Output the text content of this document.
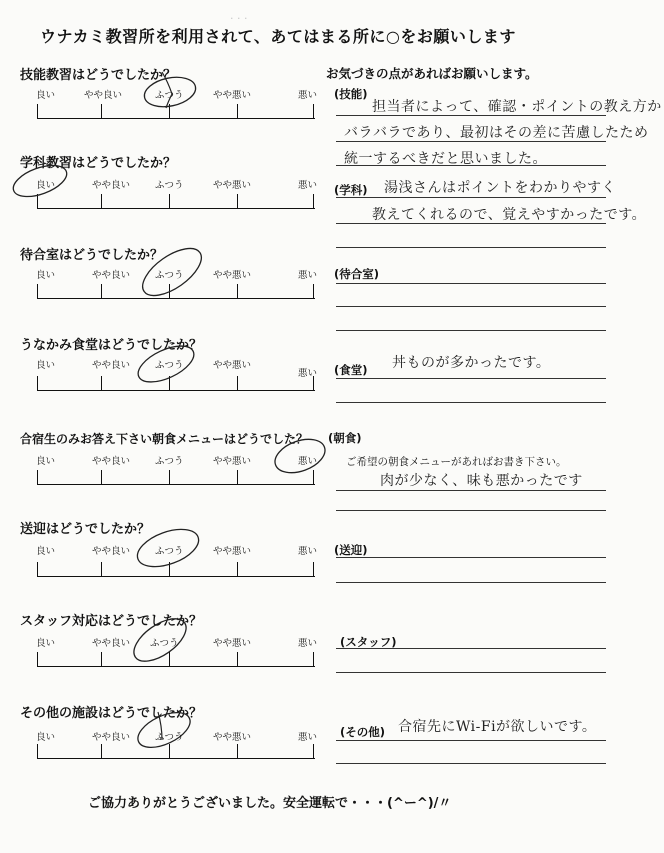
ウナカミ教習所を利用されて、あてはまる所に○をお願いします
· · ·
技能教習はどうでしたか？
良い	やや良い	ふつう	やや悪い	悪い
学科教習はどうでしたか？
良い	やや良い	ふつう	やや悪い	悪い
待合室はどうでしたか？
良い	やや良い	ふつう	やや悪い	悪い
うなかみ食堂はどうでしたか？
良い	やや良い	ふつう	やや悪い
悪い
合宿生のみお答え下さい朝食メニューはどうでした？
良い	やや良い	ふつう	やや悪い	悪い
送迎はどうでしたか？
良い	やや良い	ふつう	やや悪い	悪い
スタッフ対応はどうでしたか？
良い	やや良い ふつう	やや悪い	悪い
その他の施設はどうでしたか？
良い	やや良い	ふつう	やや悪い	悪い
お気づきの点があればお願いします。
(技能)
担当者によって、確認・ポイントの教え方か
バラバラであり、最初はその差に苦慮したため
統一するべきだと思いました。
(学科) 湯浅さんはポイントをわかりやすく
教えてくれるので、覚えやすかったです。
(待合室)
(食堂) 丼ものが多かったです。
(朝食)
ご希望の朝食メニューがあればお書き下さい。
肉が少なく、味も悪かったです
(送迎)
(スタッフ)
(その他) 合宿先にWi-Fiが欲しいです。
ご協力ありがとうございました。安全運転で・・・(^ー^)/〃
